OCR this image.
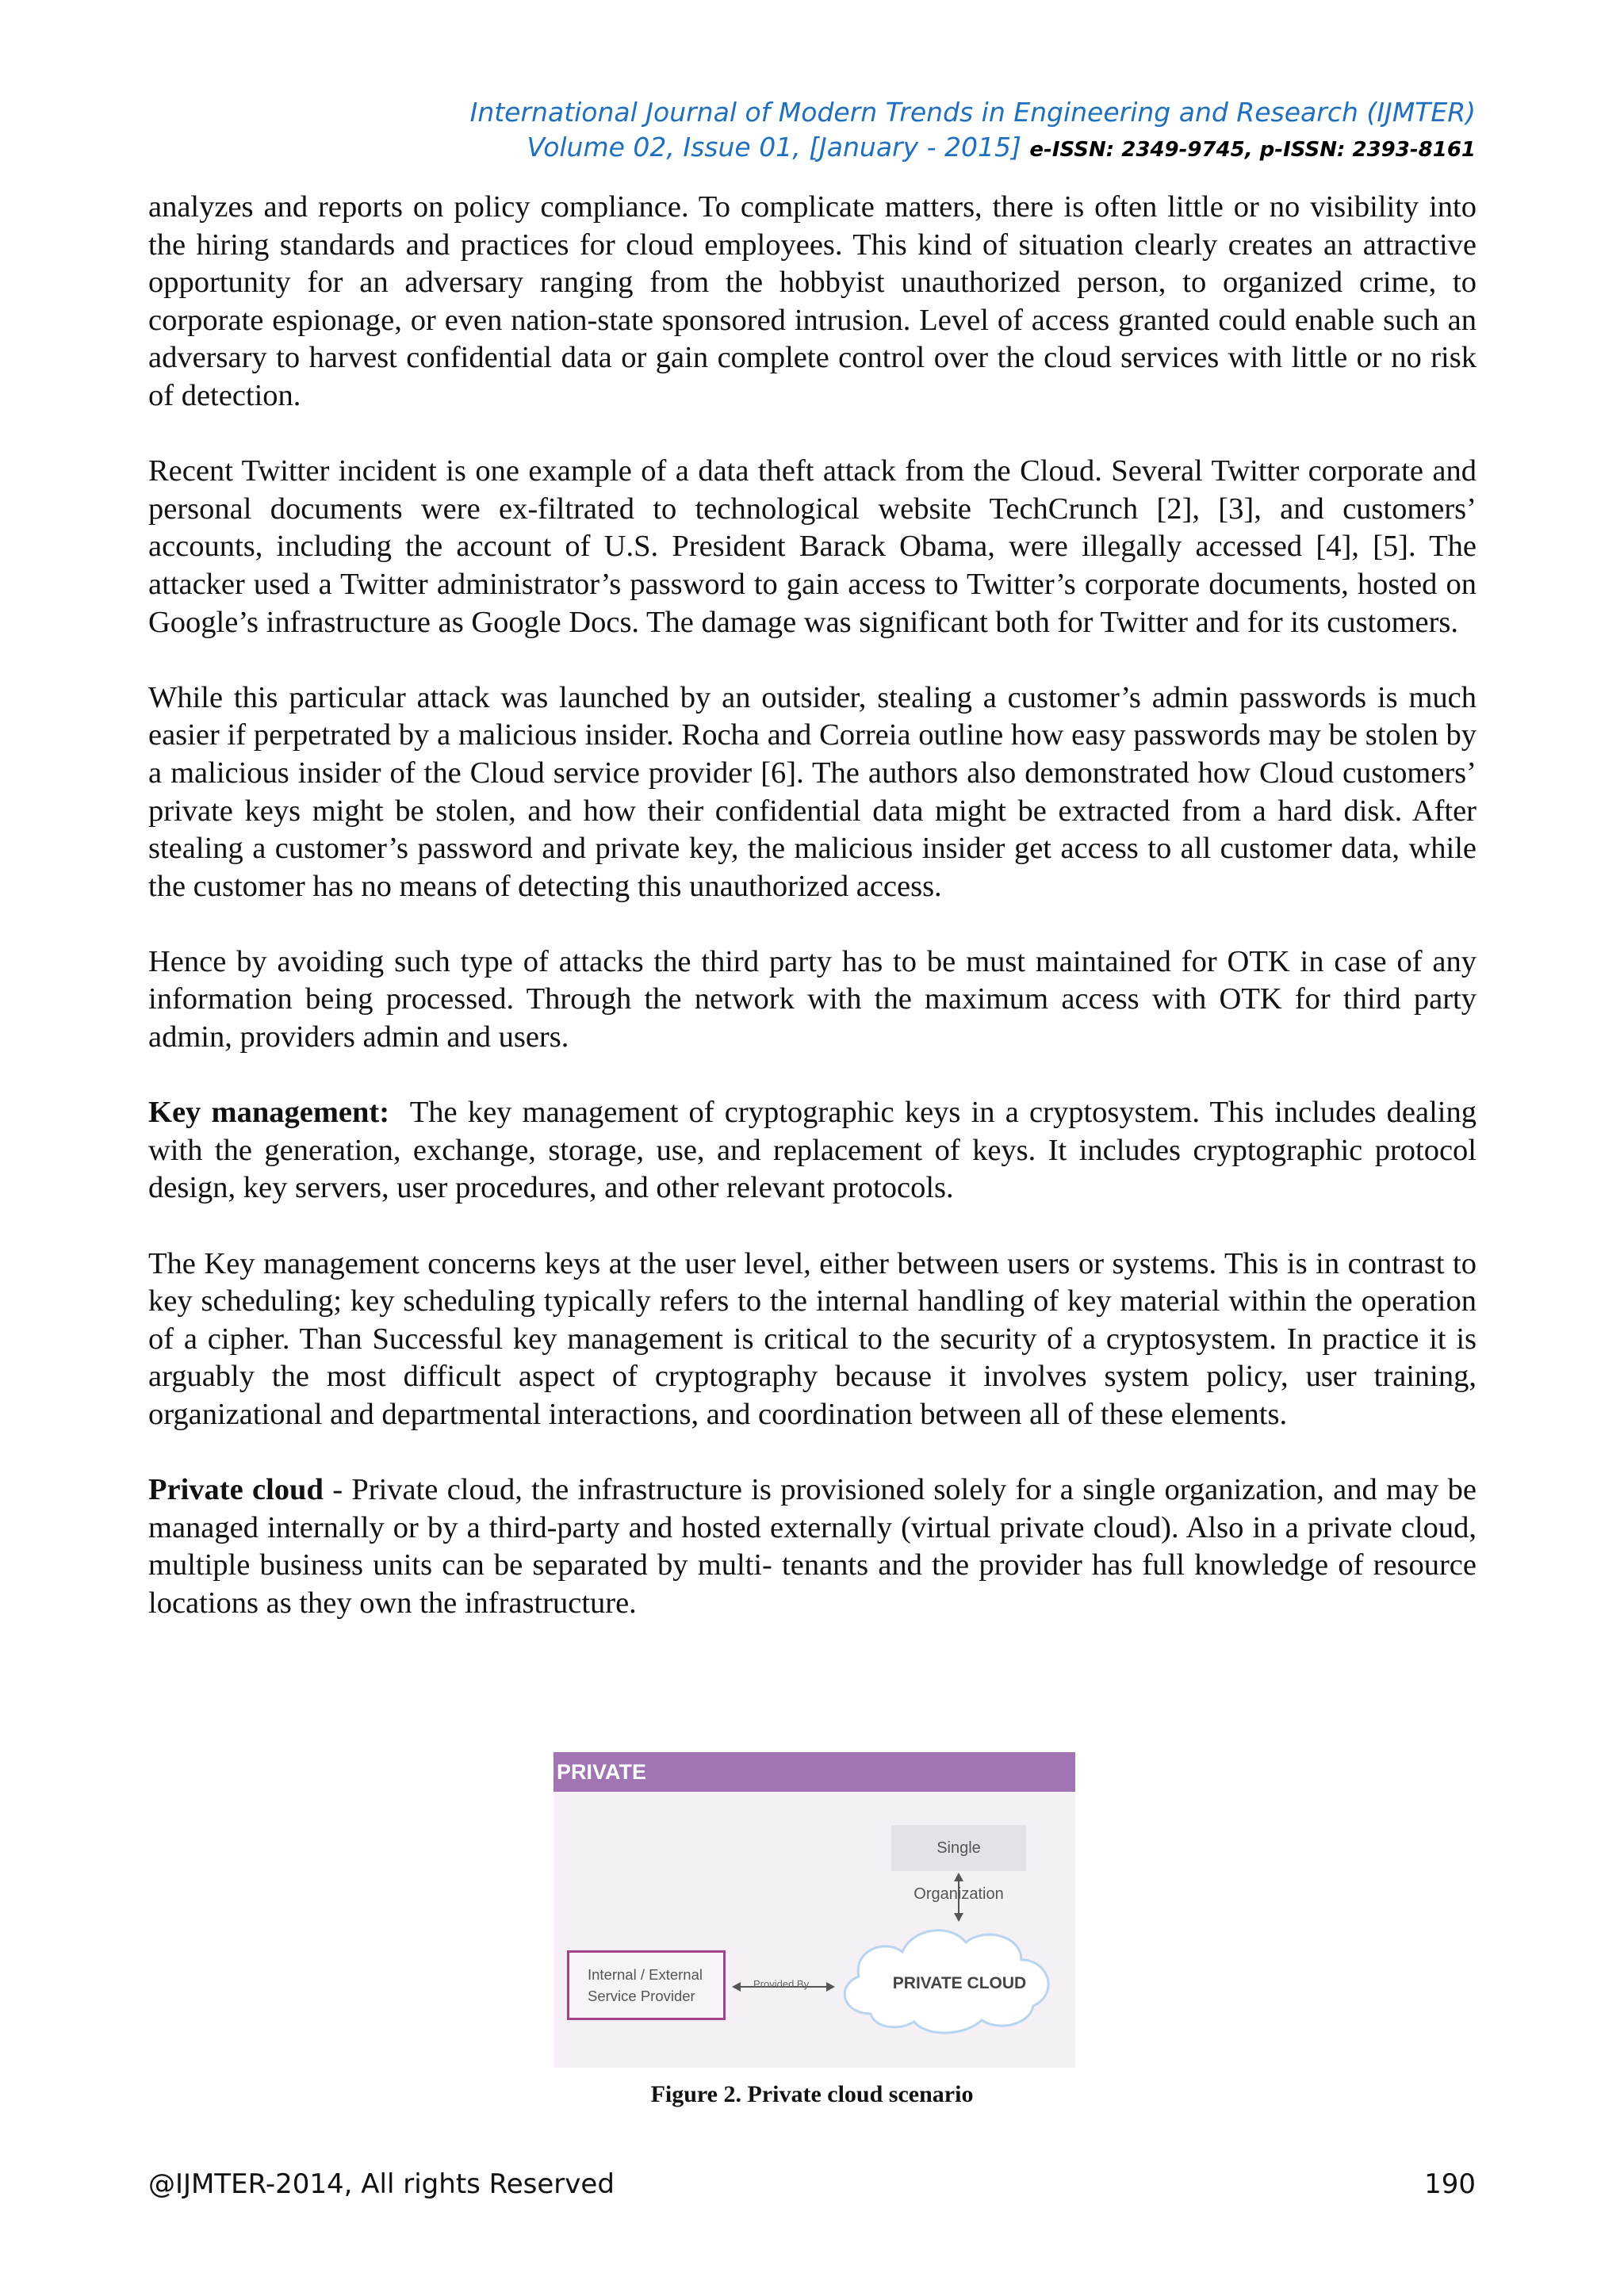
International Journal of Modern Trends in Engineering and Research (IJMTER)
Volume 02, Issue 01, [January - 2015] e-ISSN: 2349-9745, p-ISSN: 2393-8161

analyzes and reports on policy compliance. To complicate matters, there is often little or no visibility into the hiring standards and practices for cloud employees. This kind of situation clearly creates an attractive opportunity for an adversary ranging from the hobbyist unauthorized person, to organized crime, to corporate espionage, or even nation-state sponsored intrusion. Level of access granted could enable such an adversary to harvest confidential data or gain complete control over the cloud services with little or no risk of detection.

Recent Twitter incident is one example of a data theft attack from the Cloud. Several Twitter corporate and personal documents were ex-filtrated to technological website TechCrunch [2], [3], and customers’ accounts, including the account of U.S. President Barack Obama, were illegally accessed [4], [5]. The attacker used a Twitter administrator’s password to gain access to Twitter’s corporate documents, hosted on Google’s infrastructure as Google Docs. The damage was significant both for Twitter and for its customers.

While this particular attack was launched by an outsider, stealing a customer’s admin passwords is much easier if perpetrated by a malicious insider. Rocha and Correia outline how easy passwords may be stolen by a malicious insider of the Cloud service provider [6]. The authors also demonstrated how Cloud customers’ private keys might be stolen, and how their confidential data might be extracted from a hard disk. After stealing a customer’s password and private key, the malicious insider get access to all customer data, while the customer has no means of detecting this unauthorized access.

Hence by avoiding such type of attacks the third party has to be must maintained for OTK in case of any information being processed. Through the network with the maximum access with OTK for third party admin, providers admin and users.

Key management: The key management of cryptographic keys in a cryptosystem. This includes dealing with the generation, exchange, storage, use, and replacement of keys. It includes cryptographic protocol design, key servers, user procedures, and other relevant protocols.

The Key management concerns keys at the user level, either between users or systems. This is in contrast to key scheduling; key scheduling typically refers to the internal handling of key material within the operation of a cipher. Than Successful key management is critical to the security of a cryptosystem. In practice it is arguably the most difficult aspect of cryptography because it involves system policy, user training, organizational and departmental interactions, and coordination between all of these elements.

Private cloud - Private cloud, the infrastructure is provisioned solely for a single organization, and may be managed internally or by a third-party and hosted externally (virtual private cloud). Also in a private cloud, multiple business units can be separated by multi- tenants and the provider has full knowledge of resource locations as they own the infrastructure.

PRIVATE
Single Organization
Internal / External
Service Provider
Provided By	PRIVATE CLOUD
Figure 2. Private cloud scenario
@IJMTER-2014, All rights Reserved	190
